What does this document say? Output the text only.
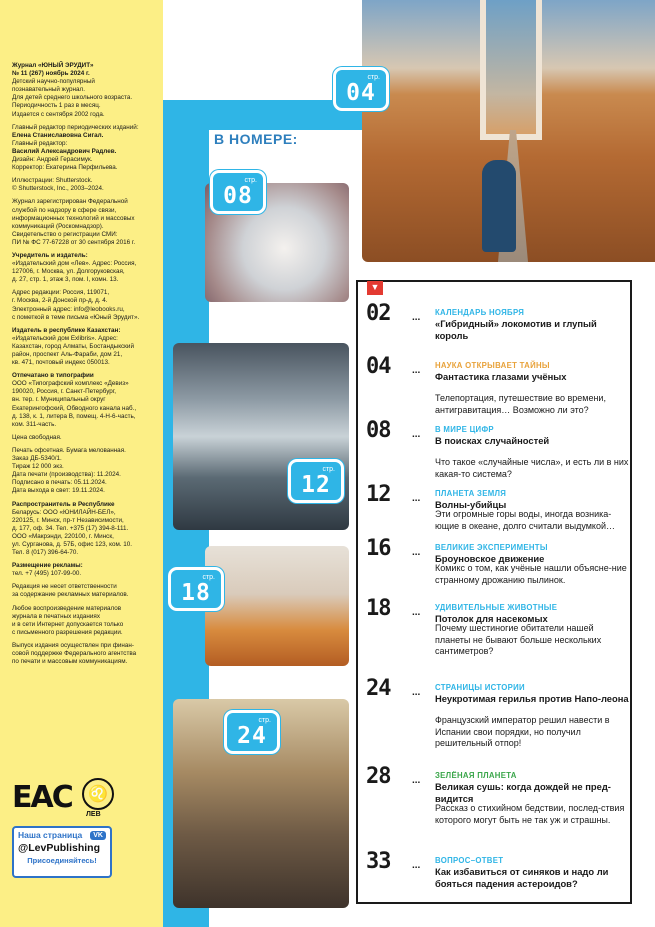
Журнал «ЮНЫЙ ЭРУДИТ»
№ 11 (267) ноябрь 2024 г.
Детский научно-популярный
познавательный журнал.
Для детей среднего школьного возраста.
Периодичность 1 раз в месяц.
Издается с сентября 2002 года.
Главный редактор периодических изданий:
Елена Станиславовна Сигал.
Главный редактор:
Василий Александрович Радлев.
Дизайн: Андрей Герасимук.
Корректор: Екатерина Перфильева.
Иллюстрации: Shutterstock.
© Shutterstock, Inc., 2003–2024.
Журнал зарегистрирован Федеральной
службой по надзору в сфере связи,
информационных технологий и массовых
коммуникаций (Роскомнадзор).
Свидетельство о регистрации СМИ:
ПИ № ФС 77-67228 от 30 сентября 2016 г.
Учредитель и издатель:
«Издательский дом «Лев». Адрес: Россия,
127006, г. Москва, ул. Долгоруковская,
д. 27, стр. 1, этаж 3, пом. I, комн. 13.
Адрес редакции: Россия, 119071,
г. Москва, 2-й Донской пр-д, д. 4.
Электронный адрес: info@leobooks.ru,
с пометкой в теме письма «Юный Эрудит».
Издатель в республике Казахстан:
«Издательский дом Exlibris». Адрес:
Казахстан, город Алматы, Бостандыкский
район, проспект Аль-Фараби, дом 21,
кв. 471, почтовый индекс 050013.
Отпечатано в типографии
ООО «Типографский комплекс «Девиз»
190020, Россия, г. Санкт-Петербург,
вн. тер. г. Муниципальный округ
Екатерингофский, Обводного канала наб.,
д. 138, к. 1, литера В, помещ. 4-Н-6-часть,
ком. 311-часть.
Цена свободная.
Печать офсетная. Бумага мелованная.
Заказ ДБ-5340/1.
Тираж 12 000 экз.
Дата печати (производства): 11.2024.
Подписано в печать: 05.11.2024.
Дата выхода в свет: 19.11.2024.
Распространитель в Республике
Беларусь: ООО «ЮНИЛАЙН-БЕЛ»,
220125, г. Минск, пр-т Независимости,
д. 177, оф. 34. Тел. +375 (17) 394-8-111.
ООО «Макрэнди, 220100, г. Минск,
ул. Сурганова, д. 57Б, офис 123, ком. 10.
Тел. 8 (017) 396-64-70.
Размещение рекламы:
тел. +7 (495) 107-99-00.
Редакция не несет ответственности
за содержание рекламных материалов.
Любое воспроизведение материалов
журнала в печатных изданиях
и в сети Интернет допускается только
с письменного разрешения редакции.
Выпуск издания осуществлен при финан-
совой поддержке Федерального агентства
по печати и массовым коммуникациям.
ЕАС	♌
ЛЕВ
Наша страница	VK
@LevPublishing
Присоединяйтесь!
стр.
04
стр.
08
стр.
12
стр.
18
стр.
24
В НОМЕРЕ:
▼
02 ... КАЛЕНДАРЬ НОЯБРЯ
«Гибридный» локомотив и глупый король
04 ... НАУКА ОТКРЫВАЕТ ТАЙНЫ
Фантастика глазами учёных
Телепортация, путешествие во времени, антигравитация… Возможно ли это?
08 ... В МИРЕ ЦИФР
В поисках случайностей
Что такое «случайные числа», и есть ли в них какая-то система?
12 ... ПЛАНЕТА ЗЕМЛЯ
Волны-убийцы
Эти огромные горы воды, иногда возника-ющие в океане, долго считали выдумкой…
16 ... ВЕЛИКИЕ ЭКСПЕРИМЕНТЫ
Броуновское движение
Комикс о том, как учёные нашли объясне-ние странному дрожанию пылинок.
18 ... УДИВИТЕЛЬНЫЕ ЖИВОТНЫЕ
Потолок для насекомых
Почему шестиногие обитатели нашей планеты не бывают больше нескольких сантиметров?
24 ... СТРАНИЦЫ ИСТОРИИ
Неукротимая герилья против Напо-леона
Французский император решил навести в Испании свои порядки, но получил решительный отпор!
28 ... ЗЕЛЁНАЯ ПЛАНЕТА
Великая сушь: когда дождей не пред-видится
Рассказ о стихийном бедствии, послед-ствия которого могут быть не так уж и страшны.
33 ... ВОПРОС–ОТВЕТ
Как избавиться от синяков и надо ли бояться падения астероидов?
